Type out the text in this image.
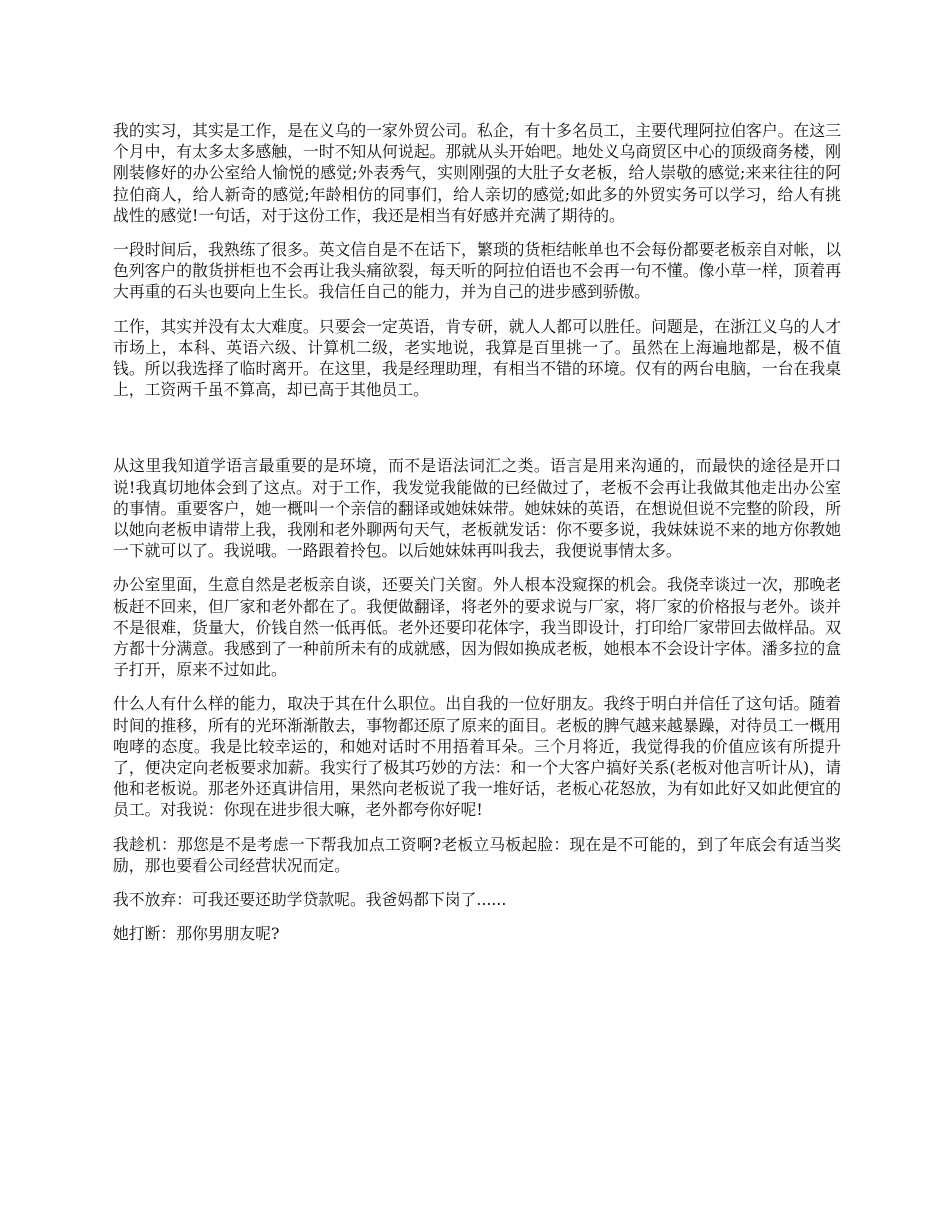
我的实习，其实是工作，是在义乌的一家外贸公司。私企，有十多名员工，主要代理阿拉伯客户。在这三个月中，有太多太多感触，一时不知从何说起。那就从头开始吧。地处义乌商贸区中心的顶级商务楼，刚刚装修好的办公室给人愉悦的感觉;外表秀气，实则刚强的大肚子女老板，给人崇敬的感觉;来来往往的阿拉伯商人，给人新奇的感觉;年龄相仿的同事们，给人亲切的感觉;如此多的外贸实务可以学习，给人有挑战性的感觉!一句话，对于这份工作，我还是相当有好感并充满了期待的。

一段时间后，我熟练了很多。英文信自是不在话下，繁琐的货柜结帐单也不会每份都要老板亲自对帐，以色列客户的散货拼柜也不会再让我头痛欲裂，每天听的阿拉伯语也不会再一句不懂。像小草一样，顶着再大再重的石头也要向上生长。我信任自己的能力，并为自己的进步感到骄傲。

工作，其实并没有太大难度。只要会一定英语，肯专研，就人人都可以胜任。问题是，在浙江义乌的人才市场上，本科、英语六级、计算机二级，老实地说，我算是百里挑一了。虽然在上海遍地都是，极不值钱。所以我选择了临时离开。在这里，我是经理助理，有相当不错的环境。仅有的两台电脑，一台在我桌上，工资两千虽不算高，却已高于其他员工。

从这里我知道学语言最重要的是环境，而不是语法词汇之类。语言是用来沟通的，而最快的途径是开口说!我真切地体会到了这点。对于工作，我发觉我能做的已经做过了，老板不会再让我做其他走出办公室的事情。重要客户，她一概叫一个亲信的翻译或她妹妹带。她妹妹的英语，在想说但说不完整的阶段，所以她向老板申请带上我，我刚和老外聊两句天气，老板就发话：你不要多说，我妹妹说不来的地方你教她一下就可以了。我说哦。一路跟着拎包。以后她妹妹再叫我去，我便说事情太多。

办公室里面，生意自然是老板亲自谈，还要关门关窗。外人根本没窥探的机会。我侥幸谈过一次，那晚老板赶不回来，但厂家和老外都在了。我便做翻译，将老外的要求说与厂家，将厂家的价格报与老外。谈并不是很难，货量大，价钱自然一低再低。老外还要印花体字，我当即设计，打印给厂家带回去做样品。双方都十分满意。我感到了一种前所未有的成就感，因为假如换成老板，她根本不会设计字体。潘多拉的盒子打开，原来不过如此。

什么人有什么样的能力，取决于其在什么职位。出自我的一位好朋友。我终于明白并信任了这句话。随着时间的推移，所有的光环渐渐散去，事物都还原了原来的面目。老板的脾气越来越暴躁，对待员工一概用咆哮的态度。我是比较幸运的，和她对话时不用捂着耳朵。三个月将近，我觉得我的价值应该有所提升了，便决定向老板要求加薪。我实行了极其巧妙的方法：和一个大客户搞好关系(老板对他言听计从)，请他和老板说。那老外还真讲信用，果然向老板说了我一堆好话，老板心花怒放，为有如此好又如此便宜的员工。对我说：你现在进步很大嘛，老外都夸你好呢!

我趁机：那您是不是考虑一下帮我加点工资啊?老板立马板起脸：现在是不可能的，到了年底会有适当奖励，那也要看公司经营状况而定。

我不放弃：可我还要还助学贷款呢。我爸妈都下岗了......

她打断：那你男朋友呢?
